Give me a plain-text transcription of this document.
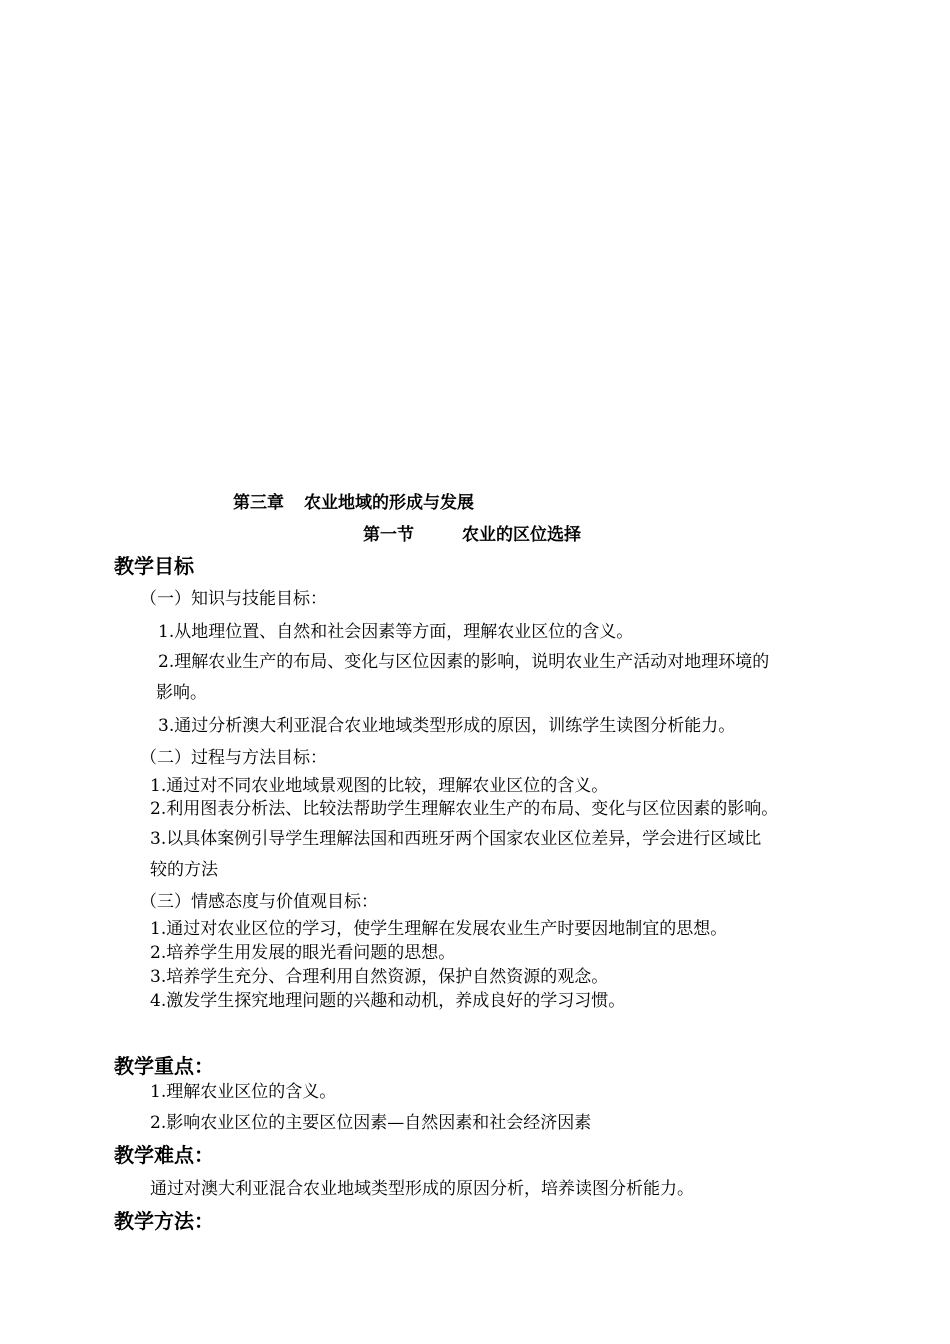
第三章 农业地域的形成与发展
第一节	农业的区位选择
教学目标
（一）知识与技能目标：
1.从地理位置、自然和社会因素等方面，理解农业区位的含义。
2.理解农业生产的布局、变化与区位因素的影响，说明农业生产活动对地理环境的
影响。
3.通过分析澳大利亚混合农业地域类型形成的原因，训练学生读图分析能力。
（二）过程与方法目标：
1.通过对不同农业地域景观图的比较，理解农业区位的含义。
2.利用图表分析法、比较法帮助学生理解农业生产的布局、变化与区位因素的影响。
3.以具体案例引导学生理解法国和西班牙两个国家农业区位差异，学会进行区域比
较的方法
（三）情感态度与价值观目标：
1.通过对农业区位的学习，使学生理解在发展农业生产时要因地制宜的思想。
2.培养学生用发展的眼光看问题的思想。
3.培养学生充分、合理利用自然资源，保护自然资源的观念。
4.激发学生探究地理问题的兴趣和动机，养成良好的学习习惯。
教学重点：
1.理解农业区位的含义。
2.影响农业区位的主要区位因素—自然因素和社会经济因素
教学难点：
通过对澳大利亚混合农业地域类型形成的原因分析，培养读图分析能力。
教学方法：
